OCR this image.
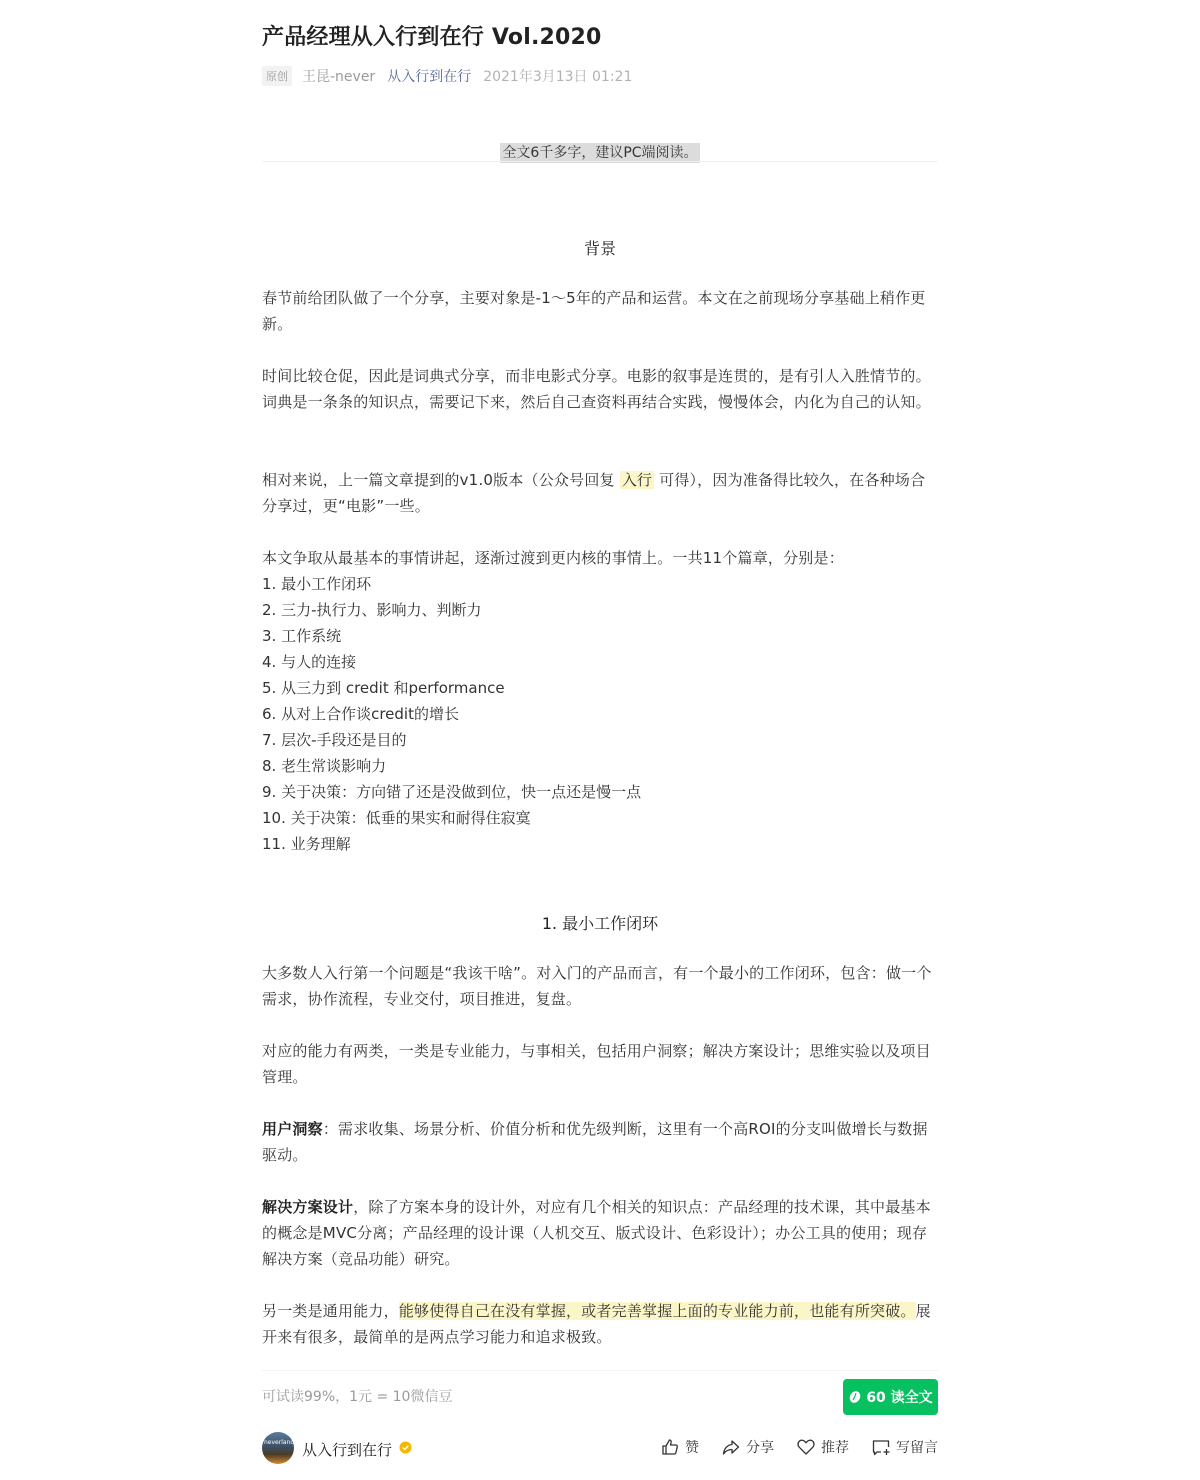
产品经理从入行到在行 Vol.2020
原创 王昆-never 从入行到在行 2021年3月13日 01:21
全文6千多字，建议PC端阅读。
背景
春节前给团队做了一个分享，主要对象是-1～5年的产品和运营。本文在之前现场分享基础上稍作更新。
时间比较仓促，因此是词典式分享，而非电影式分享。电影的叙事是连贯的，是有引人入胜情节的。词典是一条条的知识点，需要记下来，然后自己查资料再结合实践，慢慢体会，内化为自己的认知。
相对来说，上一篇文章提到的v1.0版本（公众号回复 入行 可得），因为准备得比较久，在各种场合分享过，更“电影”一些。
本文争取从最基本的事情讲起，逐渐过渡到更内核的事情上。一共11个篇章，分别是：
1. 最小工作闭环
2. 三力-执行力、影响力、判断力
3. 工作系统
4. 与人的连接
5. 从三力到 credit 和performance
6. 从对上合作谈credit的增长
7. 层次-手段还是目的
8. 老生常谈影响力
9. 关于决策：方向错了还是没做到位，快一点还是慢一点
10. 关于决策：低垂的果实和耐得住寂寞
11. 业务理解
1. 最小工作闭环
大多数人入行第一个问题是“我该干啥”。对入门的产品而言，有一个最小的工作闭环，包含：做一个需求，协作流程，专业交付，项目推进，复盘。
对应的能力有两类，一类是专业能力，与事相关，包括用户洞察；解决方案设计；思维实验以及项目管理。
用户洞察：需求收集、场景分析、价值分析和优先级判断，这里有一个高ROI的分支叫做增长与数据驱动。
解决方案设计，除了方案本身的设计外，对应有几个相关的知识点：产品经理的技术课，其中最基本的概念是MVC分离；产品经理的设计课（人机交互、版式设计、色彩设计）；办公工具的使用；现存解决方案（竞品功能）研究。
另一类是通用能力，能够使得自己在没有掌握，或者完善掌握上面的专业能力前，也能有所突破。展开来有很多，最简单的是两点学习能力和追求极致。
可试读99%，1元 = 10微信豆	60 读全文
neverland 从入行到在行	赞	分享	推荐	写留言
